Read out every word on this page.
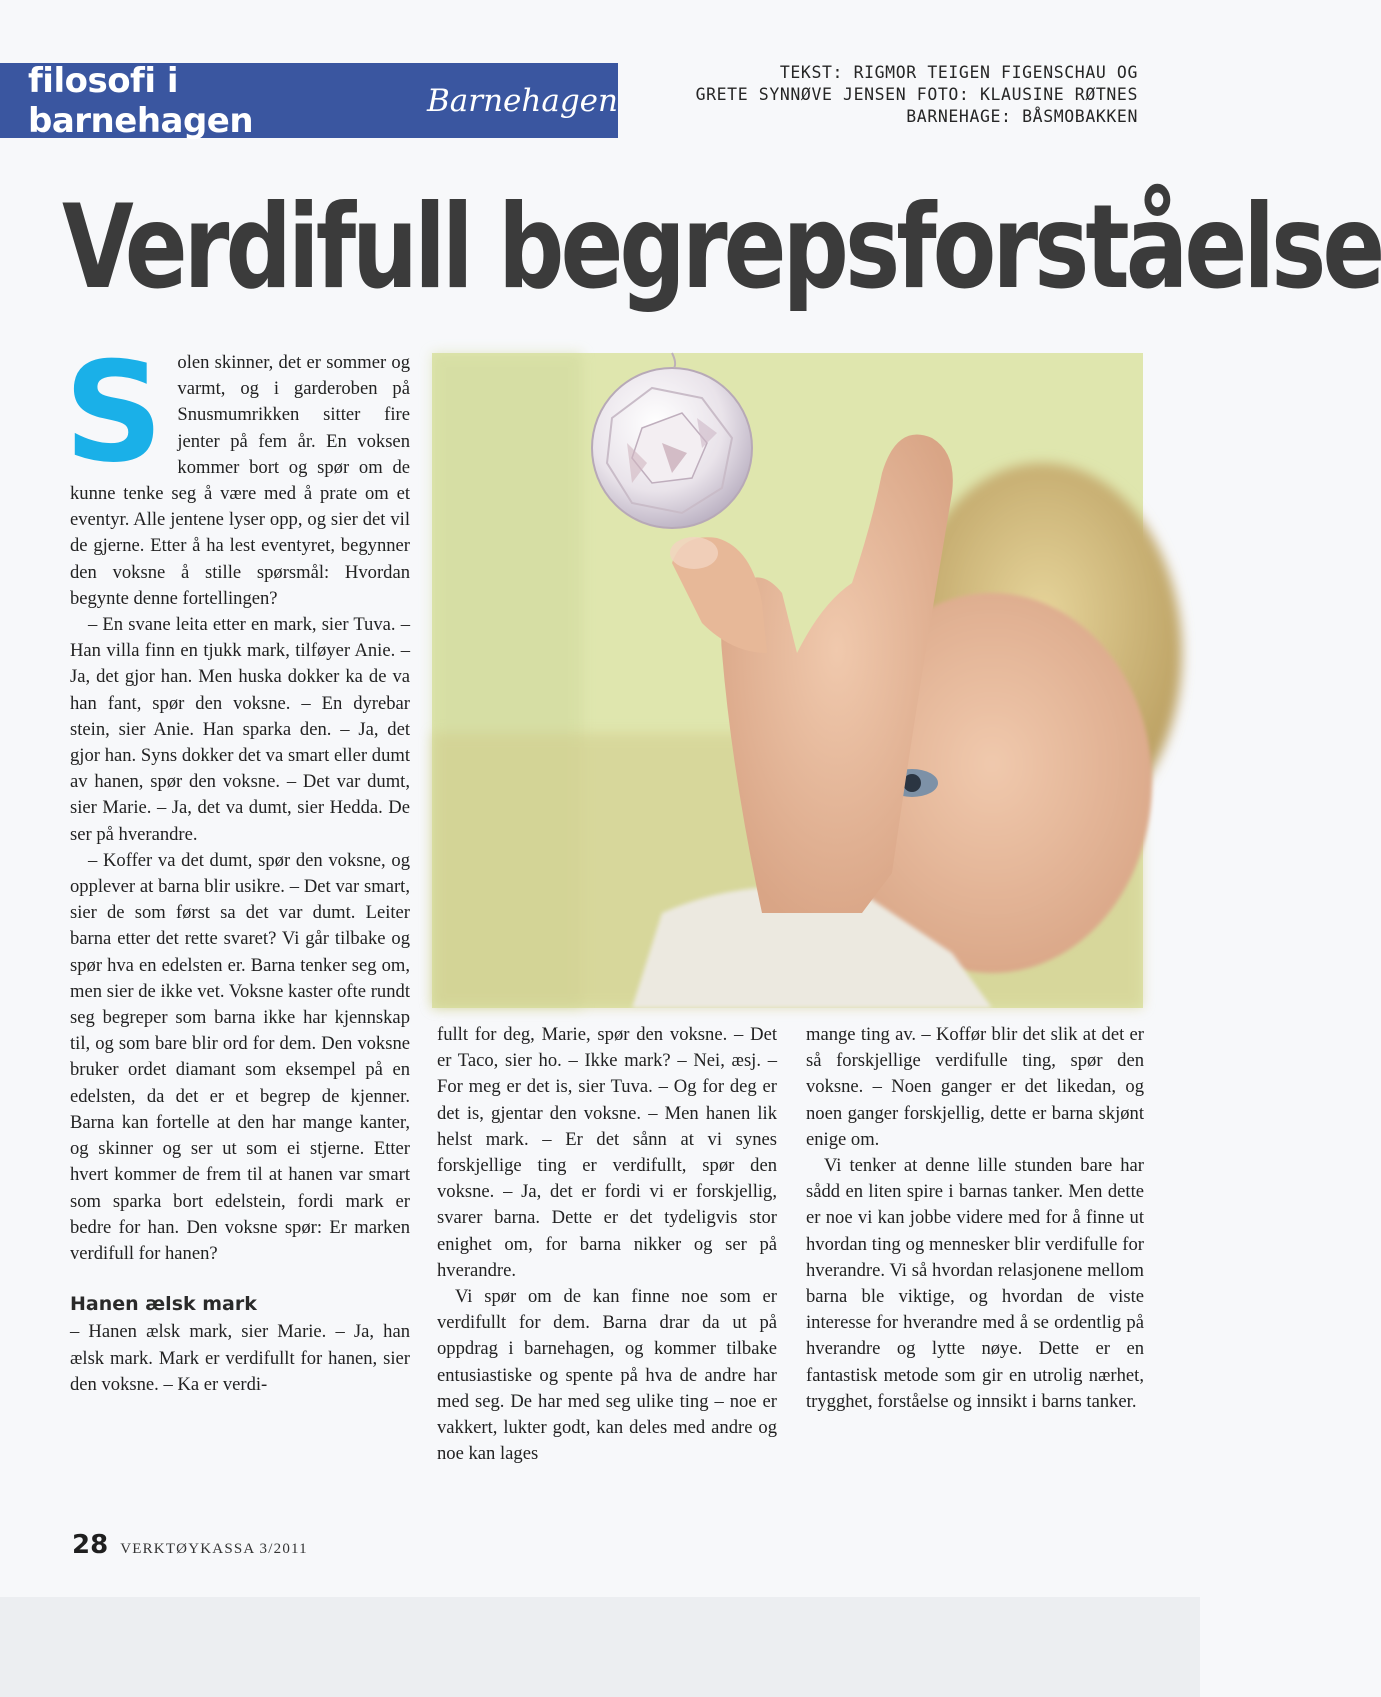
filosofi i barnehagen	Barnehagen
TEKST: RIGMOR TEIGEN FIGENSCHAU OG
GRETE SYNNØVE JENSEN FOTO: KLAUSINE RØTNES
BARNEHAGE: BÅSMOBAKKEN
Verdifull begrepsforståelse
S olen skinner, det er sommer og varmt, og i garderoben på Snusmumrikken sitter fire jenter på fem år. En voksen kommer bort og spør om de kunne tenke seg å være med å prate om et eventyr. Alle jentene lyser opp, og sier det vil de gjerne. Etter å ha lest eventyret, begynner den voksne å stille spørsmål: Hvordan begynte denne fortellingen?

– En svane leita etter en mark, sier Tuva. – Han villa finn en tjukk mark, tilføyer Anie. – Ja, det gjor han. Men huska dokker ka de va han fant, spør den voksne. – En dyrebar stein, sier Anie. Han sparka den. – Ja, det gjor han. Syns dokker det va smart eller dumt av hanen, spør den voksne. – Det var dumt, sier Marie. – Ja, det va dumt, sier Hedda. De ser på hverandre.

– Koffer va det dumt, spør den voksne, og opplever at barna blir usikre. – Det var smart, sier de som først sa det var dumt. Leiter barna etter det rette svaret? Vi går tilbake og spør hva en edelsten er. Barna tenker seg om, men sier de ikke vet. Voksne kaster ofte rundt seg begreper som barna ikke har kjennskap til, og som bare blir ord for dem. Den voksne bruker ordet diamant som eksempel på en edelsten, da det er et begrep de kjenner. Barna kan fortelle at den har mange kanter, og skinner og ser ut som ei stjerne. Etter hvert kommer de frem til at hanen var smart som sparka bort edelstein, fordi mark er bedre for han. Den voksne spør: Er marken verdifull for hanen?

Hanen ælsk mark

– Hanen ælsk mark, sier Marie. – Ja, han ælsk mark. Mark er verdifullt for hanen, sier den voksne. – Ka er verdi-

fullt for deg, Marie, spør den voksne. – Det er Taco, sier ho. – Ikke mark? – Nei, æsj. – For meg er det is, sier Tuva. – Og for deg er det is, gjentar den voksne. – Men hanen lik helst mark. – Er det sånn at vi synes forskjellige ting er verdifullt, spør den voksne. – Ja, det er fordi vi er forskjellig, svarer barna. Dette er det tydeligvis stor enighet om, for barna nikker og ser på hverandre.

Vi spør om de kan finne noe som er verdifullt for dem. Barna drar da ut på oppdrag i barnehagen, og kommer tilbake entusiastiske og spente på hva de andre har med seg. De har med seg ulike ting – noe er vakkert, lukter godt, kan deles med andre og noe kan lages

mange ting av. – Koffør blir det slik at det er så forskjellige verdifulle ting, spør den voksne. – Noen ganger er det likedan, og noen ganger forskjellig, dette er barna skjønt enige om.

Vi tenker at denne lille stunden bare har sådd en liten spire i barnas tanker. Men dette er noe vi kan jobbe videre med for å finne ut hvordan ting og mennesker blir verdifulle for hverandre. Vi så hvordan relasjonene mellom barna ble viktige, og hvordan de viste interesse for hverandre med å se ordentlig på hverandre og lytte nøye. Dette er en fantastisk metode som gir en utrolig nærhet, trygghet, forståelse og innsikt i barns tanker.

28 VERKTØYKASSA 3/2011
